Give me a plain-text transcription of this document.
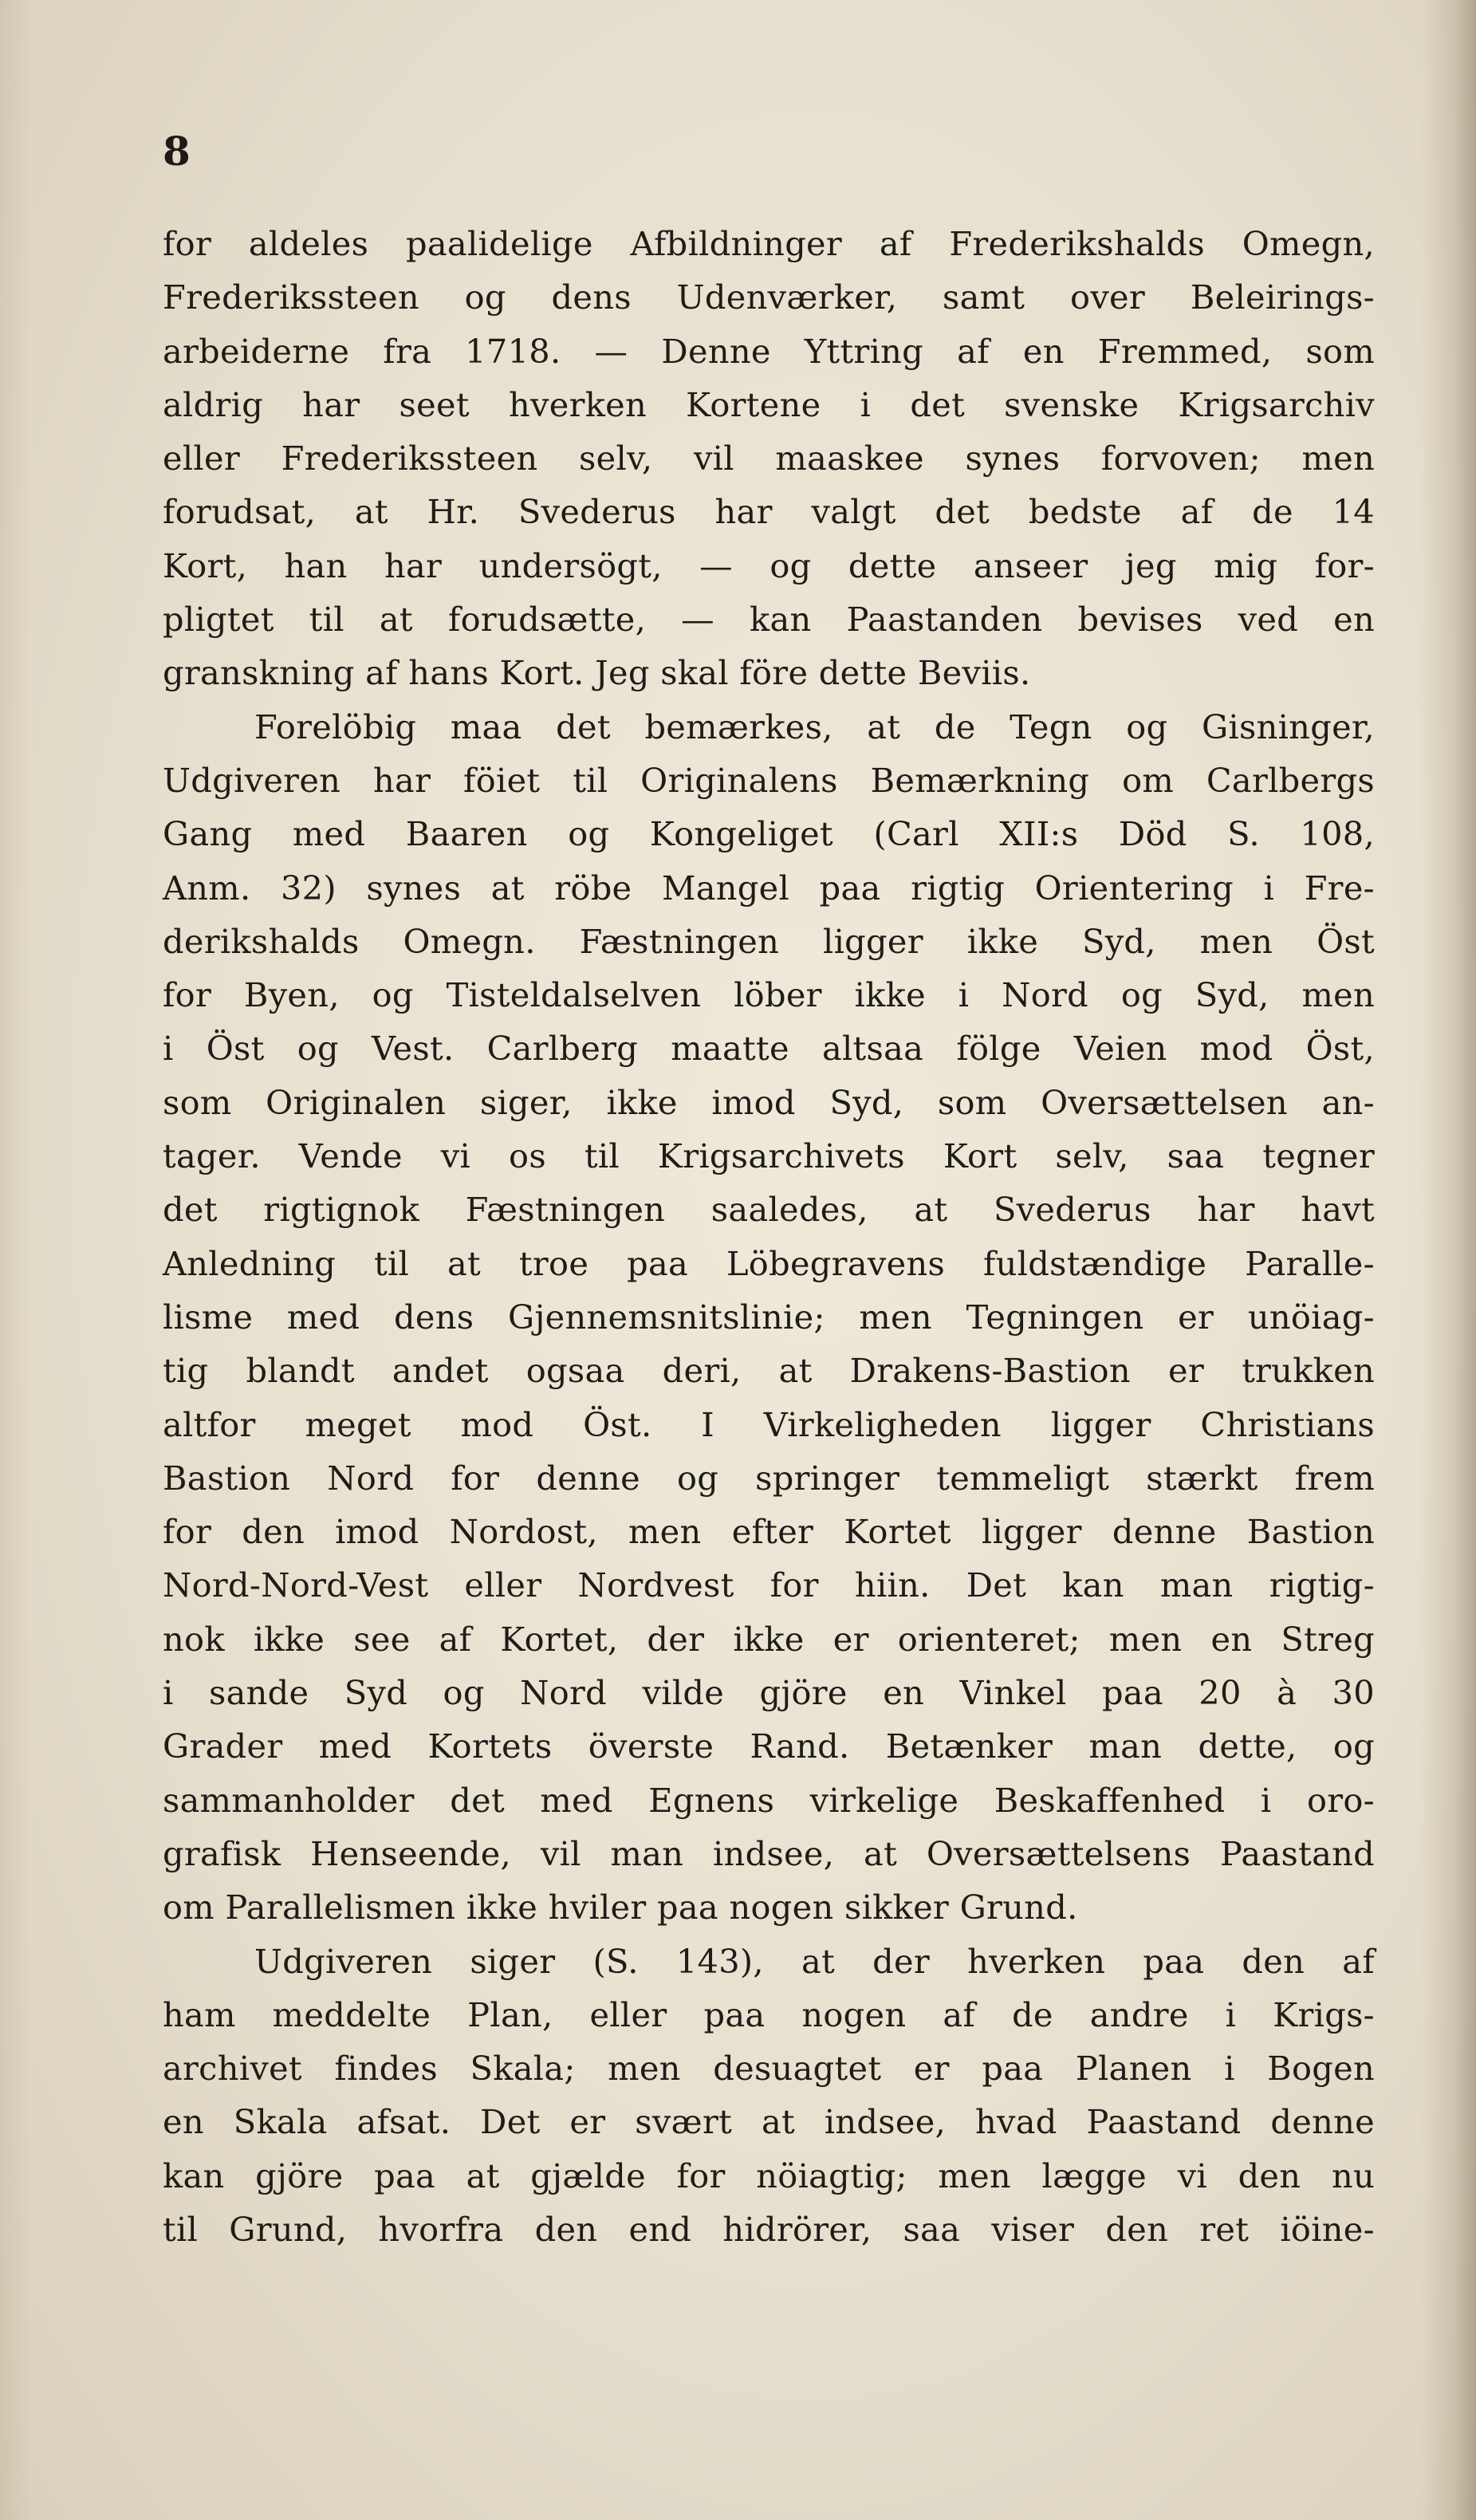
8
for aldeles paalidelige Afbildninger af Frederikshalds Omegn,
Frederikssteen og dens Udenværker, samt over Beleirings-
arbeiderne fra 1718. — Denne Yttring af en Fremmed, som
aldrig har seet hverken Kortene i det svenske Krigsarchiv
eller Frederikssteen selv, vil maaskee synes forvoven; men
forudsat, at Hr. Svederus har valgt det bedste af de 14
Kort, han har undersögt, — og dette anseer jeg mig for-
pligtet til at forudsætte, — kan Paastanden bevises ved en
granskning af hans Kort. Jeg skal före dette Beviis.
Forelöbig maa det bemærkes, at de Tegn og Gisninger,
Udgiveren har föiet til Originalens Bemærkning om Carlbergs
Gang med Baaren og Kongeliget (Carl XII:s Död S. 108,
Anm. 32) synes at röbe Mangel paa rigtig Orientering i Fre-
derikshalds Omegn. Fæstningen ligger ikke Syd, men Öst
for Byen, og Tisteldalselven löber ikke i Nord og Syd, men
i Öst og Vest. Carlberg maatte altsaa fölge Veien mod Öst,
som Originalen siger, ikke imod Syd, som Oversættelsen an-
tager. Vende vi os til Krigsarchivets Kort selv, saa tegner
det rigtignok Fæstningen saaledes, at Svederus har havt
Anledning til at troe paa Löbegravens fuldstændige Paralle-
lisme med dens Gjennemsnitslinie; men Tegningen er unöiag-
tig blandt andet ogsaa deri, at Drakens-Bastion er trukken
altfor meget mod Öst. I Virkeligheden ligger Christians
Bastion Nord for denne og springer temmeligt stærkt frem
for den imod Nordost, men efter Kortet ligger denne Bastion
Nord-Nord-Vest eller Nordvest for hiin. Det kan man rigtig-
nok ikke see af Kortet, der ikke er orienteret; men en Streg
i sande Syd og Nord vilde gjöre en Vinkel paa 20 à 30
Grader med Kortets överste Rand. Betænker man dette, og
sammanholder det med Egnens virkelige Beskaffenhed i oro-
grafisk Henseende, vil man indsee, at Oversættelsens Paastand
om Parallelismen ikke hviler paa nogen sikker Grund.
Udgiveren siger (S. 143), at der hverken paa den af
ham meddelte Plan, eller paa nogen af de andre i Krigs-
archivet findes Skala; men desuagtet er paa Planen i Bogen
en Skala afsat. Det er svært at indsee, hvad Paastand denne
kan gjöre paa at gjælde for nöiagtig; men lægge vi den nu
til Grund, hvorfra den end hidrörer, saa viser den ret iöine-
